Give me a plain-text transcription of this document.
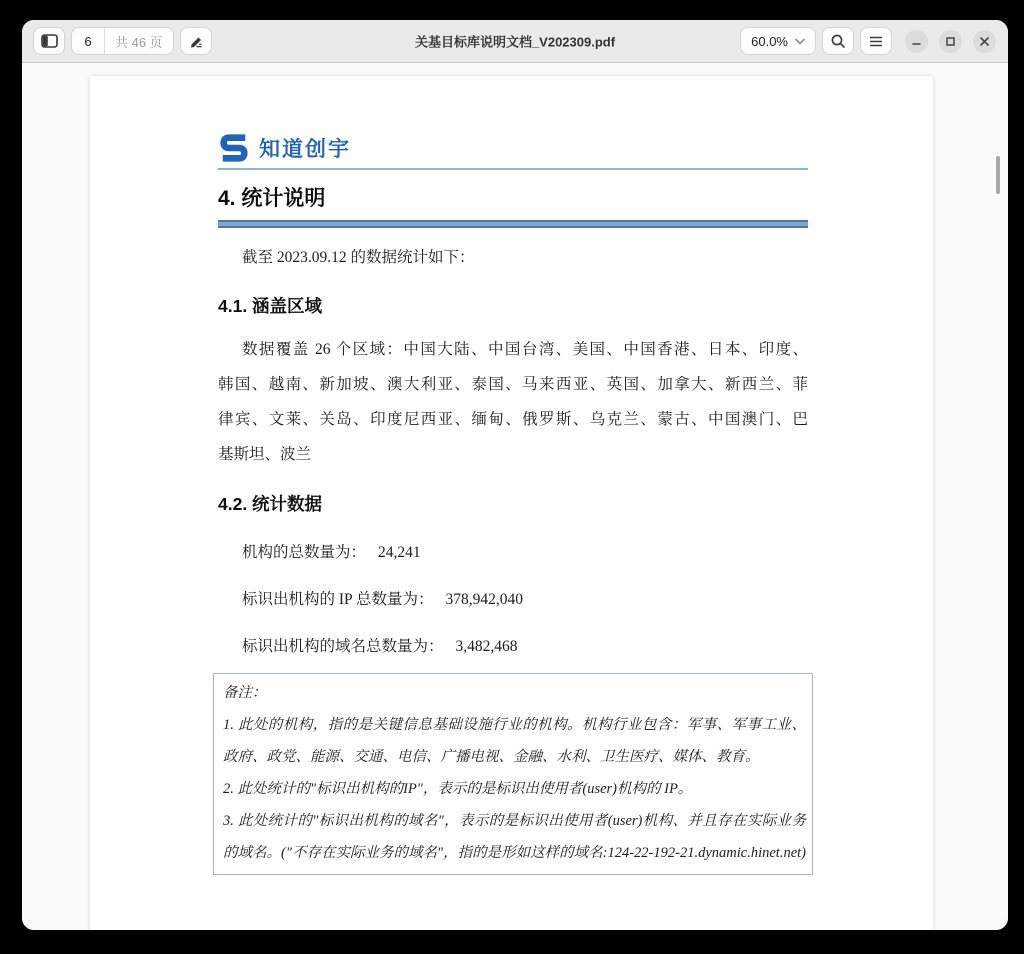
6	共 46 页	关基目标库说明文档_V202309.pdf	60.0%
知道创宇
4. 统计说明
截至 2023.09.12 的数据统计如下：
4.1. 涵盖区域
数据覆盖 26 个区域：中国大陆、中国台湾、美国、中国香港、日本、印度、
韩国、越南、新加坡、澳大利亚、泰国、马来西亚、英国、加拿大、新西兰、菲
律宾、文莱、关岛、印度尼西亚、缅甸、俄罗斯、乌克兰、蒙古、中国澳门、巴
基斯坦、波兰
4.2. 统计数据
机构的总数量为： 24,241
标识出机构的 IP 总数量为： 378,942,040
标识出机构的域名总数量为： 3,482,468
备注：
1. 此处的机构，指的是关键信息基础设施行业的机构。机构行业包含：军事、军事工业、
政府、政党、能源、交通、电信、广播电视、金融、水利、卫生医疗、媒体、教育。
2. 此处统计的"标识出机构的IP"，表示的是标识出使用者(user)机构的 IP。
3. 此处统计的"标识出机构的域名"，表示的是标识出使用者(user)机构、并且存在实际业务
的域名。("不存在实际业务的域名"，指的是形如这样的域名:124-22-192-21.dynamic.hinet.net)
